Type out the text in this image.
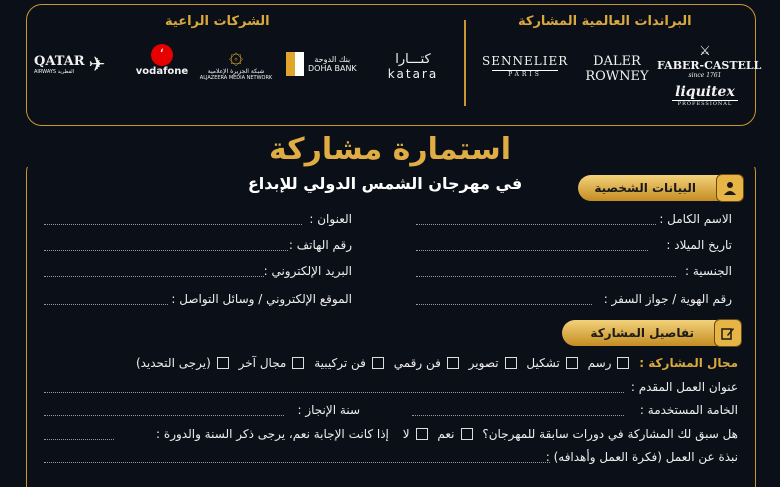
البراندات العالمية المشاركة
الشركات الراعية
SENNELIER
PARIS
DALER
ROWNEY
⚔
FABER-CASTELL
since 1761
liquitex
PROFESSIONAL
كتـــارا
katara
بنك الدوحة
DOHA BANK
۞
شبكة الجزيرة الإعلامية
ALJAZEERA MEDIA NETWORK
‘
vodafone
QATAR
AIRWAYS القطرية ✈
استمارة مشاركة
في مهرجان الشمس الدولي للإبداع	البيانات الشخصية
الاسم الكامل :
تاريخ الميلاد :
الجنسية :
رقم الهوية / جواز السفر :
العنوان :
رقم الهاتف :
البريد الإلكتروني :
الموقع الإلكتروني / وسائل التواصل :
تفاصيل المشاركة
مجال المشاركة : رسم تشكيل تصوير فن رقمي فن تركيبية مجال آخر (يرجى التحديد)
عنوان العمل المقدم :
الخامة المستخدمة :
سنة الإنجاز :
هل سبق لك المشاركة في دورات سابقة للمهرجان؟ نعم لا إذا كانت الإجابة نعم، يرجى ذكر السنة والدورة :
نبذة عن العمل (فكرة العمل وأهدافه) :
